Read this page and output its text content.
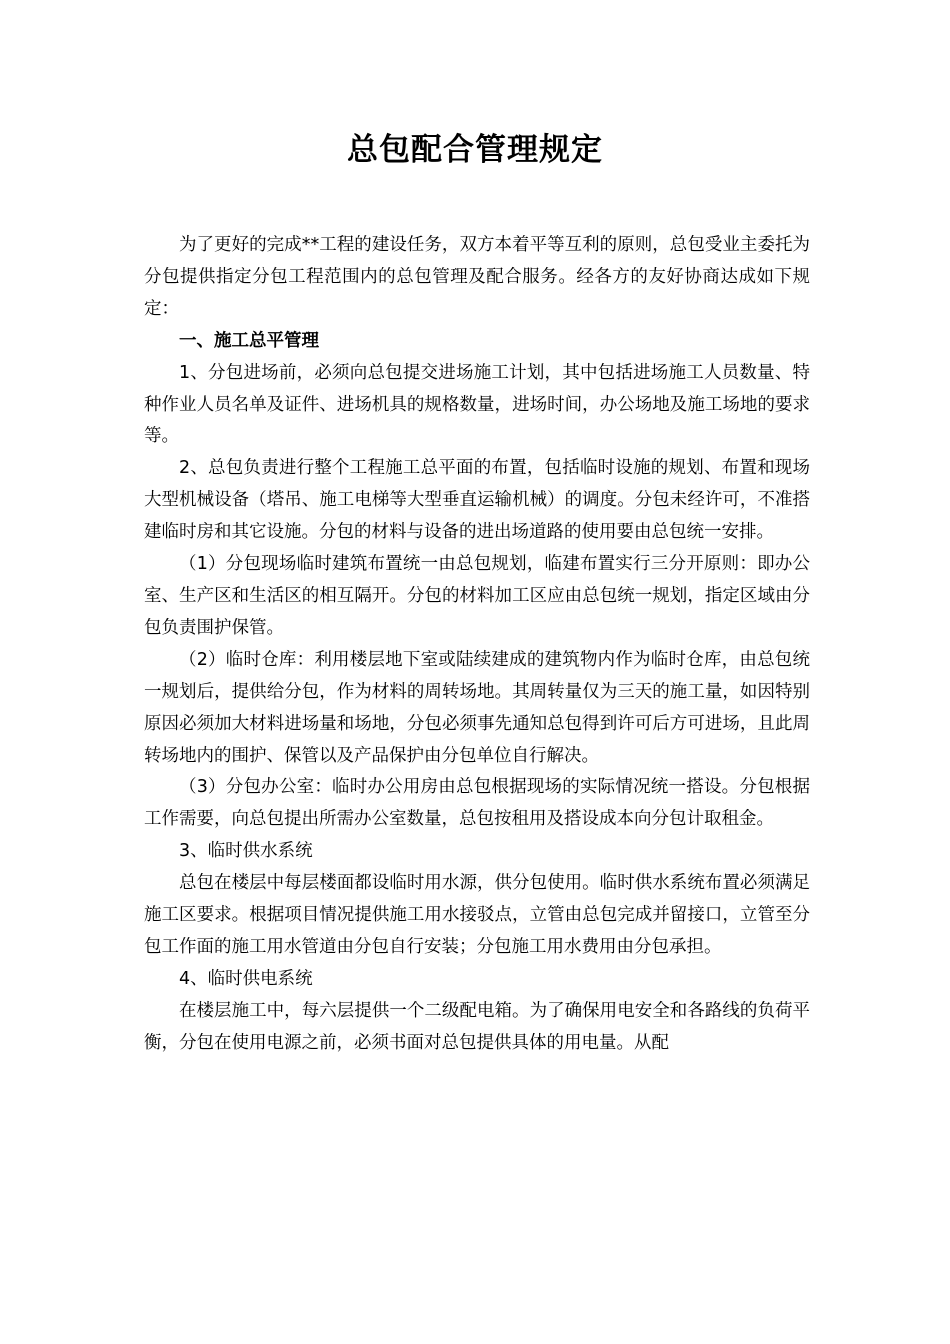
总包配合管理规定

为了更好的完成**工程的建设任务，双方本着平等互利的原则，总包受业主委托为分包提供指定分包工程范围内的总包管理及配合服务。经各方的友好协商达成如下规定：

一、施工总平管理

1、分包进场前，必须向总包提交进场施工计划，其中包括进场施工人员数量、特种作业人员名单及证件、进场机具的规格数量，进场时间，办公场地及施工场地的要求等。

2、总包负责进行整个工程施工总平面的布置，包括临时设施的规划、布置和现场大型机械设备（塔吊、施工电梯等大型垂直运输机械）的调度。分包未经许可，不准搭建临时房和其它设施。分包的材料与设备的进出场道路的使用要由总包统一安排。

（1）分包现场临时建筑布置统一由总包规划，临建布置实行三分开原则：即办公室、生产区和生活区的相互隔开。分包的材料加工区应由总包统一规划，指定区域由分包负责围护保管。

（2）临时仓库：利用楼层地下室或陆续建成的建筑物内作为临时仓库，由总包统一规划后，提供给分包，作为材料的周转场地。其周转量仅为三天的施工量，如因特别原因必须加大材料进场量和场地，分包必须事先通知总包得到许可后方可进场，且此周转场地内的围护、保管以及产品保护由分包单位自行解决。

（3）分包办公室：临时办公用房由总包根据现场的实际情况统一搭设。分包根据工作需要，向总包提出所需办公室数量，总包按租用及搭设成本向分包计取租金。

3、临时供水系统

总包在楼层中每层楼面都设临时用水源，供分包使用。临时供水系统布置必须满足施工区要求。根据项目情况提供施工用水接驳点，立管由总包完成并留接口，立管至分包工作面的施工用水管道由分包自行安装；分包施工用水费用由分包承担。

4、临时供电系统

在楼层施工中，每六层提供一个二级配电箱。为了确保用电安全和各路线的负荷平衡，分包在使用电源之前，必须书面对总包提供具体的用电量。从配
